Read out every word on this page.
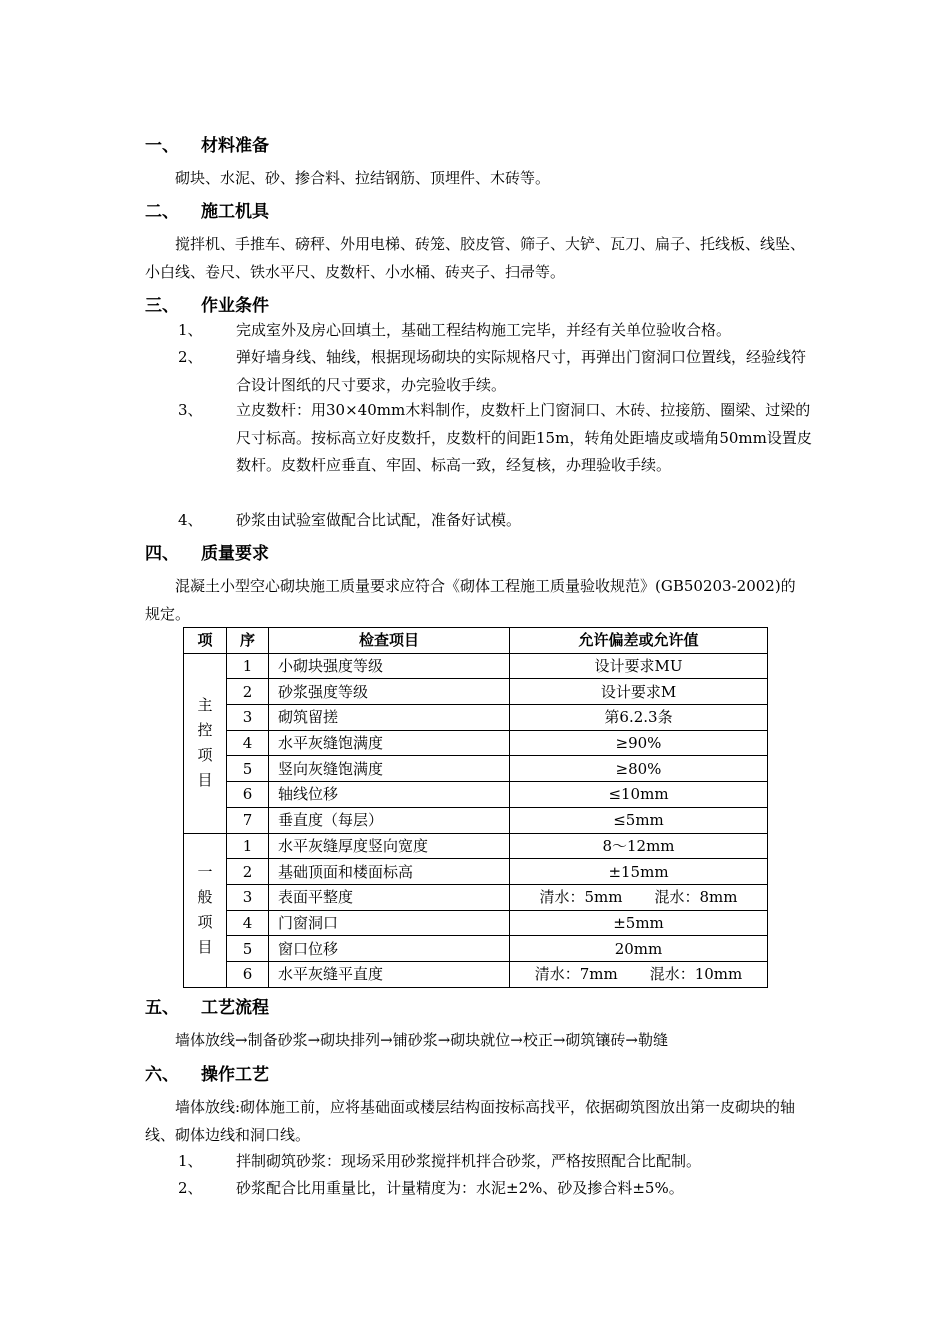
一、 材料准备

砌块、水泥、砂、掺合料、拉结钢筋、顶埋件、木砖等。

二、 施工机具

搅拌机、手推车、磅秤、外用电梯、砖笼、胶皮管、筛子、大铲、瓦刀、扁子、托线板、线坠、小白线、卷尺、铁水平尺、皮数杆、小水桶、砖夹子、扫帚等。

三、 作业条件
1、 完成室外及房心回填土，基础工程结构施工完毕，并经有关单位验收合格。
2、 弹好墙身线、轴线，根据现场砌块的实际规格尺寸，再弹出门窗洞口位置线，经验线符合设计图纸的尺寸要求，办完验收手续。
3、 立皮数杆：用30×40mm木料制作，皮数杆上门窗洞口、木砖、拉接筋、圈梁、过梁的尺寸标高。按标高立好皮数扦，皮数杆的间距15m，转角处距墙皮或墙角50mm设置皮数杆。皮数杆应垂直、牢固、标高一致，经复核，办理验收手续。
4、 砂浆由试验室做配合比试配，准备好试模。
四、 质量要求

混凝土小型空心砌块施工质量要求应符合《砌体工程施工质量验收规范》(GB50203-2002)的规定。

项	序	检查项目	允许偏差或允许值
主
控
项
目	1	小砌块强度等级	设计要求MU
	2	砂浆强度等级	设计要求M
	3	砌筑留搓	第6.2.3条
	4	水平灰缝饱满度	≥90%
	5	竖向灰缝饱满度	≥80%
	6	轴线位移	≤10mm
	7	垂直度（每层）	≤5mm
一
般
项
目	1	水平灰缝厚度竖向宽度	8～12mm
	2	基础顶面和楼面标高	±15mm
	3	表面平整度	清水：5mm 混水：8mm
	4	门窗洞口	±5mm
	5	窗口位移	20mm
	6	水平灰缝平直度	清水：7mm 混水：10mm
五、 工艺流程

墙体放线→制备砂浆→砌块排列→铺砂浆→砌块就位→校正→砌筑镶砖→勒缝

六、 操作工艺

墙体放线:砌体施工前，应将基础面或楼层结构面按标高找平，依据砌筑图放出第一皮砌块的轴线、砌体边线和洞口线。

1、 拌制砌筑砂浆：现场采用砂浆搅拌机拌合砂浆，严格按照配合比配制。
2、 砂浆配合比用重量比，计量精度为：水泥±2%、砂及掺合料±5%。
